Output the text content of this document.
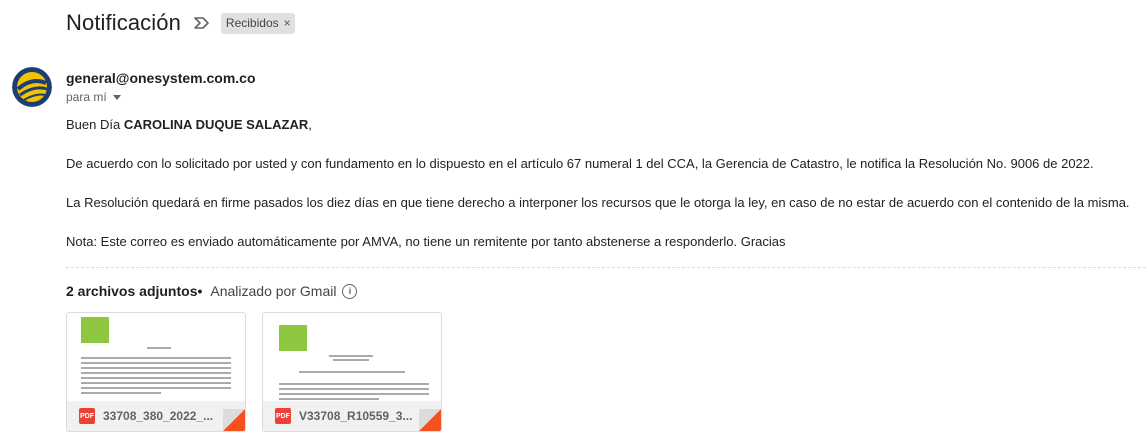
Notificación	Recibidos ×
general@onesystem.com.co
para mí
Buen Día CAROLINA DUQUE SALAZAR,
De acuerdo con lo solicitado por usted y con fundamento en lo dispuesto en el artículo 67 numeral 1 del CCA, la Gerencia de Catastro, le notifica la Resolución No. 9006 de 2022.
La Resolución quedará en firme pasados los diez días en que tiene derecho a interponer los recursos que le otorga la ley, en caso de no estar de acuerdo con el contenido de la misma.
Nota: Este correo es enviado automáticamente por AMVA, no tiene un remitente por tanto abstenerse a responderlo. Gracias
2 archivos adjuntos • Analizado por Gmail	i
PDF 33708_380_2022_...	PDF V33708_R10559_3...
